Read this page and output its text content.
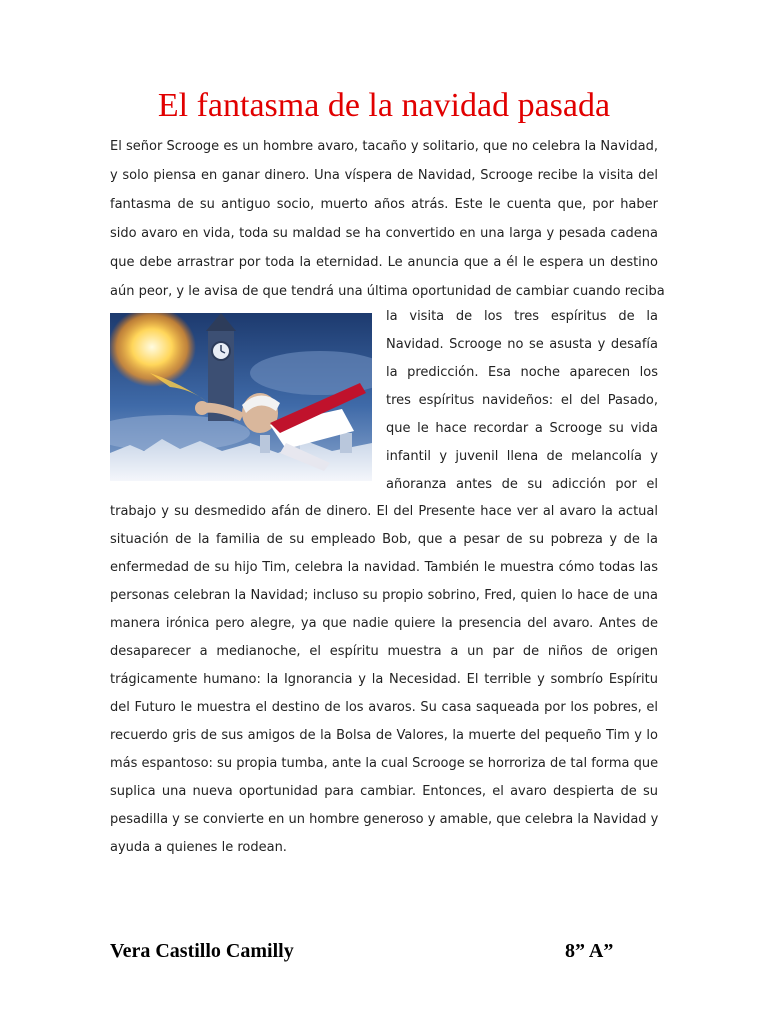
El fantasma de la navidad pasada
El señor Scrooge es un hombre avaro, tacaño y solitario, que no celebra la Navidad,
y solo piensa en ganar dinero. Una víspera de Navidad, Scrooge recibe la visita del
fantasma de su antiguo socio, muerto años atrás. Este le cuenta que, por haber
sido avaro en vida, toda su maldad se ha convertido en una larga y pesada cadena
que debe arrastrar por toda la eternidad. Le anuncia que a él le espera un destino
aún peor, y le avisa de que tendrá una última oportunidad de cambiar cuando reciba
la visita de los tres espíritus de la
Navidad. Scrooge no se asusta y desafía
la predicción. Esa noche aparecen los
tres espíritus navideños: el del Pasado,
que le hace recordar a Scrooge su vida
infantil y juvenil llena de melancolía y
añoranza antes de su adicción por el
trabajo y su desmedido afán de dinero. El del Presente hace ver al avaro la actual
situación de la familia de su empleado Bob, que a pesar de su pobreza y de la
enfermedad de su hijo Tim, celebra la navidad. También le muestra cómo todas las
personas celebran la Navidad; incluso su propio sobrino, Fred, quien lo hace de una
manera irónica pero alegre, ya que nadie quiere la presencia del avaro. Antes de
desaparecer a medianoche, el espíritu muestra a un par de niños de origen
trágicamente humano: la Ignorancia y la Necesidad. El terrible y sombrío Espíritu
del Futuro le muestra el destino de los avaros. Su casa saqueada por los pobres, el
recuerdo gris de sus amigos de la Bolsa de Valores, la muerte del pequeño Tim y lo
más espantoso: su propia tumba, ante la cual Scrooge se horroriza de tal forma que
suplica una nueva oportunidad para cambiar. Entonces, el avaro despierta de su
pesadilla y se convierte en un hombre generoso y amable, que celebra la Navidad y
ayuda a quienes le rodean.
Vera Castillo Camilly	8” A”
